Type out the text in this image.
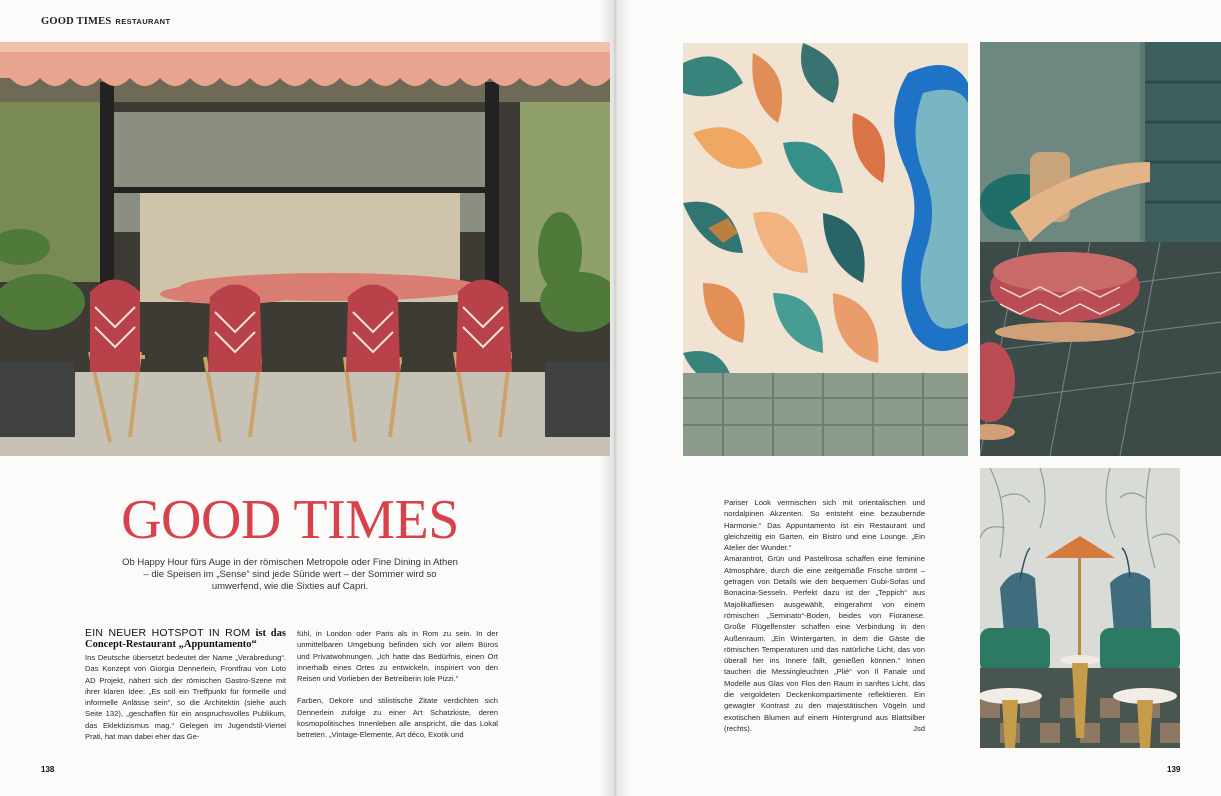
GOOD TIMES RESTAURANT
GOOD TIMES
Ob Happy Hour fürs Auge in der römischen Metropole oder Fine Dining in Athen – die Speisen im „Sense“ sind jede Sünde wert – der Sommer wird so umwerfend, wie die Sixties auf Capri.
EIN NEUER HOTSPOT IN ROM ist das Concept-Restaurant „Appuntamento“

Ins Deutsche übersetzt bedeutet der Name „Verabredung“. Das Konzept von Giorgia Dennerlein, Frontfrau von Loto AD Projekt, nähert sich der römischen Gastro-Szene mit ihrer klaren Idee: „Es soll ein Treffpunkt für formelle und informelle Anlässe sein“, so die Architektin (siehe auch Seite 132), „geschaffen für ein anspruchsvolles Publikum, das Eklektizismus mag.“ Gelegen im Jugendstil-Viertel Prati, hat man dabei eher das Ge-

fühl, in London oder Paris als in Rom zu sein. In der unmittelbaren Umgebung befinden sich vor allem Büros und Privatwohnungen. „Ich hatte das Bedürfnis, einen Ort innerhalb eines Ortes zu entwickeln, inspiriert von den Reisen und Vorlieben der Betreiberin Iole Pizzi.“

Farben, Dekore und stilistische Zitate verdichten sich Dennerlein zufolge zu einer Art Schatzkiste, deren kosmopolitisches Innenleben alle anspricht, die das Lokal betreten. „Vintage-Elemente, Art déco, Exotik und

Pariser Look vermischen sich mit orientalischen und nordalpinen Akzenten. So entsteht eine bezaubernde Harmonie.“ Das Appuntamento ist ein Restaurant und gleichzeitig ein Garten, ein Bistro und eine Lounge. „Ein Atelier der Wunder.“

Amarantrot, Grün und Pastellrosa schaffen eine feminine Atmosphäre, durch die eine zeitgemäße Frische strömt – getragen von Details wie den bequemen Gubi-Sofas und Bonacina-Sesseln. Perfekt dazu ist der „Teppich“ aus Majolikafliesen ausgewählt, eingerahmt von einem römischen „Seminato“-Boden, beides von Fioranese. Große Flügelfenster schaffen eine Verbindung in den Außenraum. „Ein Wintergarten, in dem die Gäste die römischen Temperaturen und das natürliche Licht, das von überall her ins Innere fällt, genießen können.“ Innen tauchen die Messingleuchten „Plié“ von Il Fanale und Modelle aus Glas von Flos den Raum in sanftes Licht, das die vergoldeten Deckenkompartimente reflektieren. Ein gewagter Kontrast zu den majestätischen Vögeln und exotischen Blumen auf einem Hintergrund aus Blattsilber (rechts).	Jsd

138	139
